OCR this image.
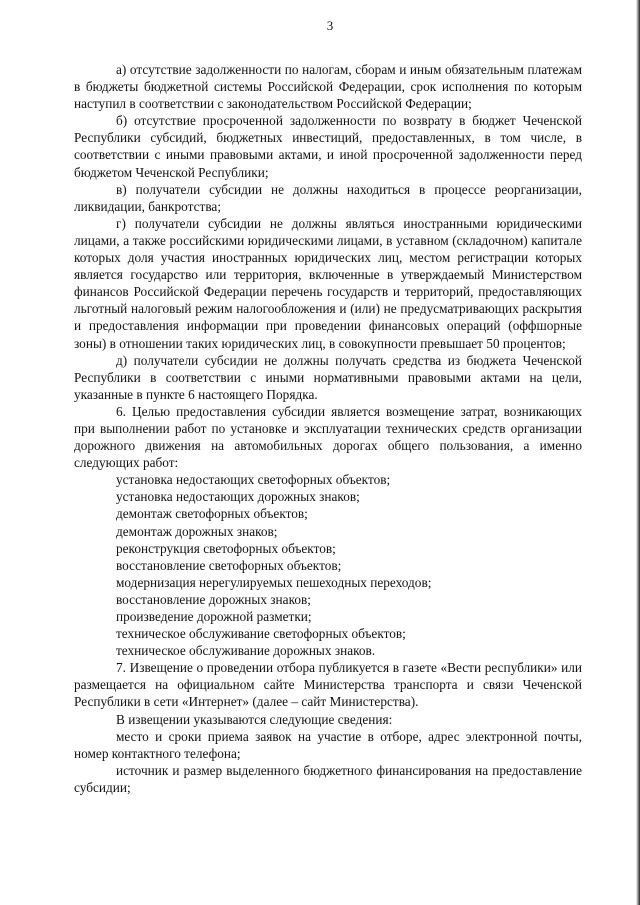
3

а) отсутствие задолженности по налогам, сборам и иным обязательным платежам в бюджеты бюджетной системы Российской Федерации, срок исполнения по которым наступил в соответствии с законодательством Российской Федерации;

б) отсутствие просроченной задолженности по возврату в бюджет Чеченской Республики субсидий, бюджетных инвестиций, предоставленных, в том числе, в соответствии с иными правовыми актами, и иной просроченной задолженности перед бюджетом Чеченской Республики;

в) получатели субсидии не должны находиться в процессе реорганизации, ликвидации, банкротства;

г) получатели субсидии не должны являться иностранными юридическими лицами, а также российскими юридическими лицами, в уставном (складочном) капитале которых доля участия иностранных юридических лиц, местом регистрации которых является государство или территория, включенные в утверждаемый Министерством финансов Российской Федерации перечень государств и территорий, предоставляющих льготный налоговый режим налогообложения и (или) не предусматривающих раскрытия и предоставления информации при проведении финансовых операций (оффшорные зоны) в отношении таких юридических лиц, в совокупности превышает 50 процентов;

д) получатели субсидии не должны получать средства из бюджета Чеченской Республики в соответствии с иными нормативными правовыми актами на цели, указанные в пункте 6 настоящего Порядка.

6. Целью предоставления субсидии является возмещение затрат, возникающих при выполнении работ по установке и эксплуатации технических средств организации дорожного движения на автомобильных дорогах общего пользования, а именно следующих работ:

установка недостающих светофорных объектов;

установка недостающих дорожных знаков;

демонтаж светофорных объектов;

демонтаж дорожных знаков;

реконструкция светофорных объектов;

восстановление светофорных объектов;

модернизация нерегулируемых пешеходных переходов;

восстановление дорожных знаков;

произведение дорожной разметки;

техническое обслуживание светофорных объектов;

техническое обслуживание дорожных знаков.

7. Извещение о проведении отбора публикуется в газете «Вести республики» или размещается на официальном сайте Министерства транспорта и связи Чеченской Республики в сети «Интернет» (далее – сайт Министерства).

В извещении указываются следующие сведения:

место и сроки приема заявок на участие в отборе, адрес электронной почты, номер контактного телефона;

источник и размер выделенного бюджетного финансирования на предоставление субсидии;
